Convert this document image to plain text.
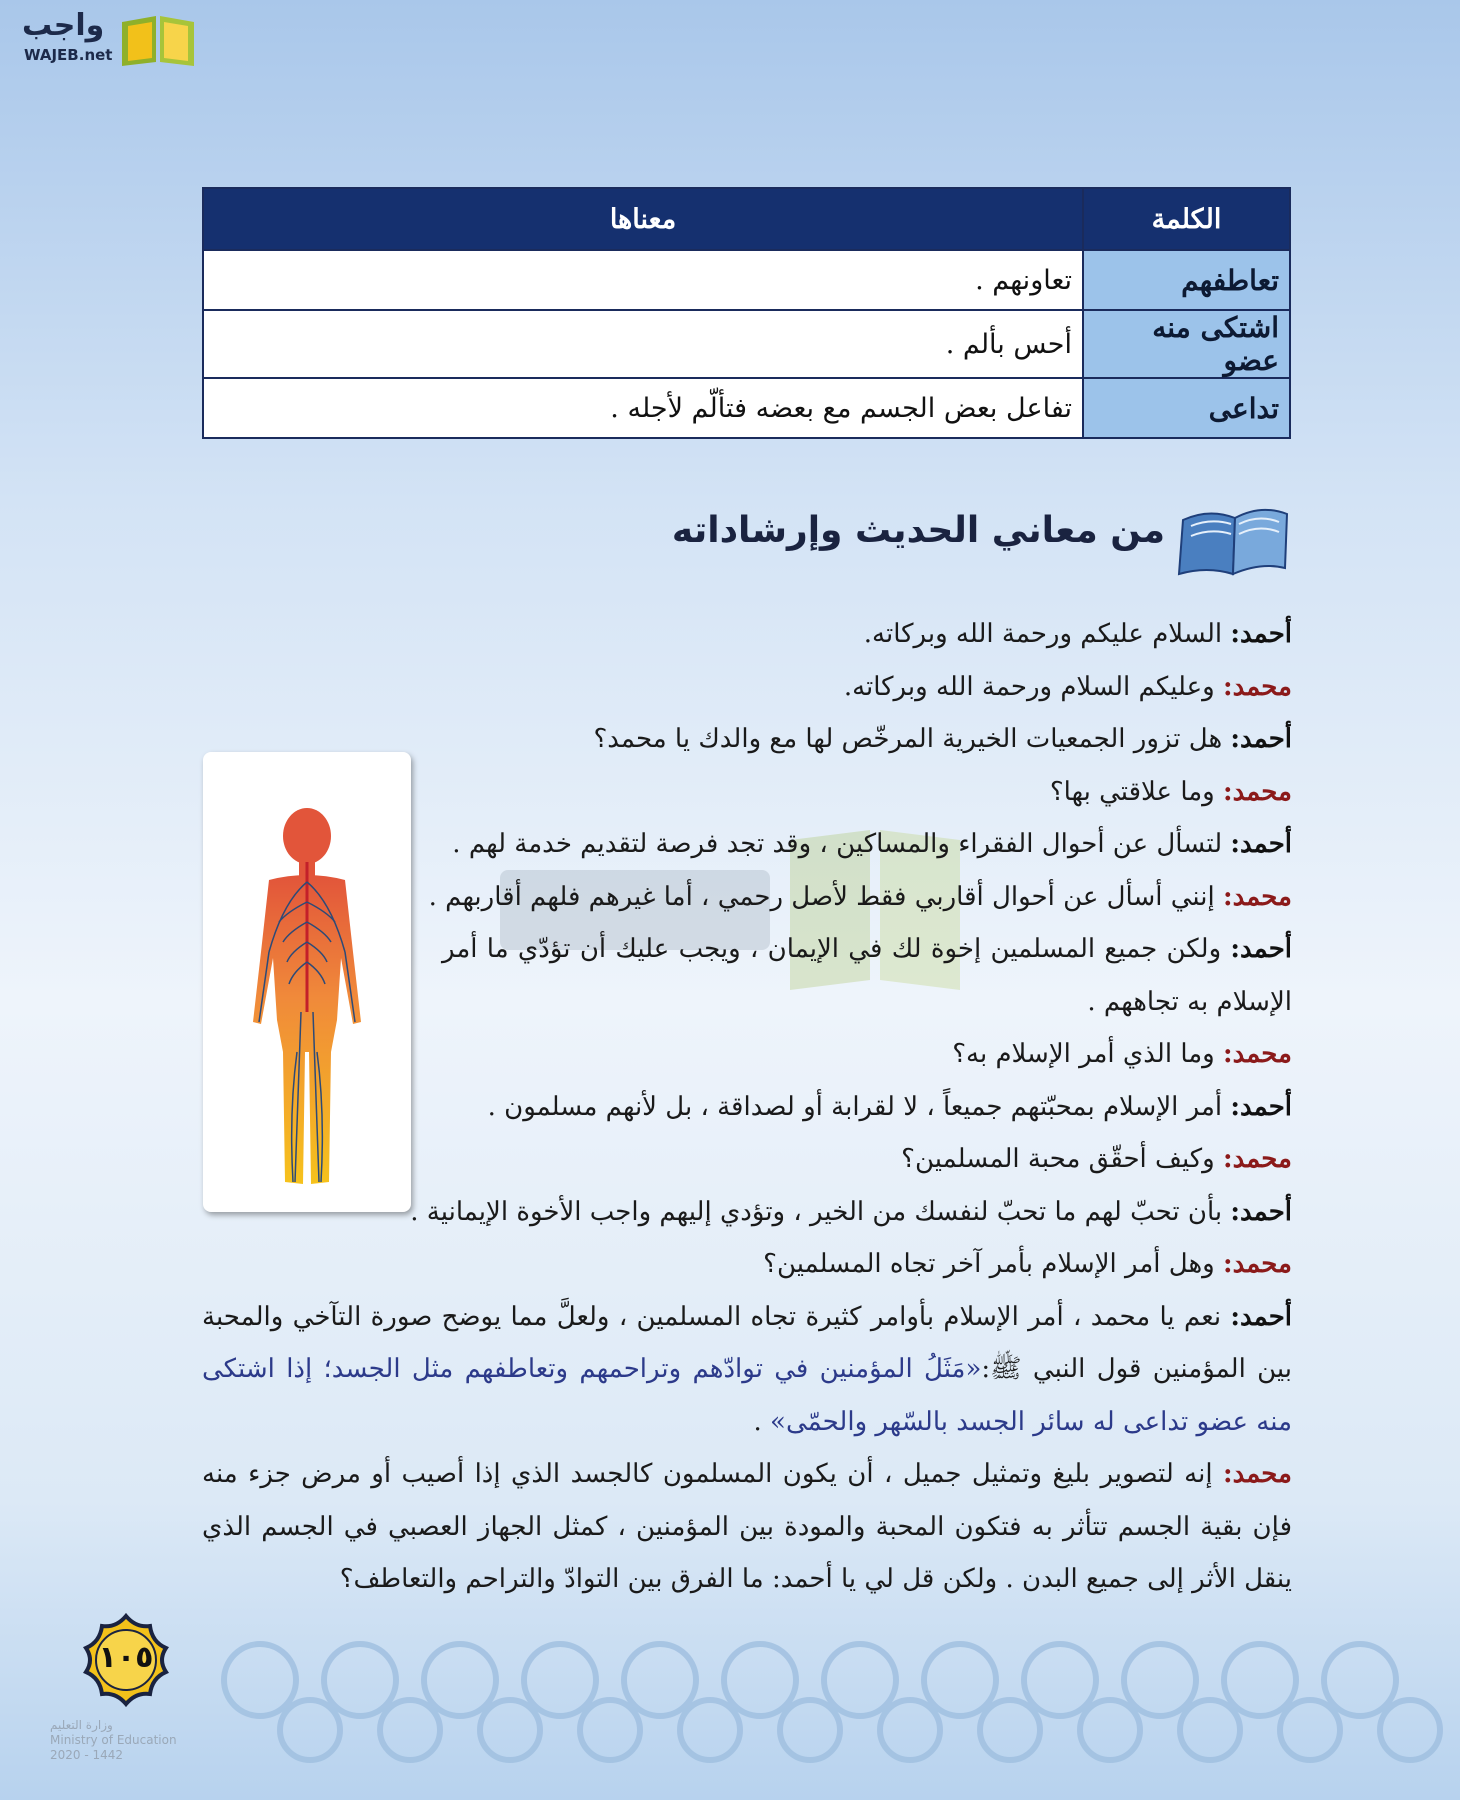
واجب
WAJEB.net
الكلمة	معناها
تعاطفهم	تعاونهم .
اشتكى منه عضو	أحس بألم .
تداعى	تفاعل بعض الجسم مع بعضه فتألّم لأجله .
من معاني الحديث وإرشاداته
أحمد: السلام عليكم ورحمة الله وبركاته.
محمد: وعليكم السلام ورحمة الله وبركاته.
أحمد: هل تزور الجمعيات الخيرية المرخّص لها مع والدك يا محمد؟
محمد: وما علاقتي بها؟
أحمد: لتسأل عن أحوال الفقراء والمساكين ، وقد تجد فرصة لتقديم خدمة لهم .
محمد: إنني أسأل عن أحوال أقاربي فقط لأصل رحمي ، أما غيرهم فلهم أقاربهم .
أحمد: ولكن جميع المسلمين إخوة لك في الإيمان ، ويجب عليك أن تؤدّي ما أمر الإسلام به تجاههم .
محمد: وما الذي أمر الإسلام به؟
أحمد: أمر الإسلام بمحبّتهم جميعاً ، لا لقرابة أو لصداقة ، بل لأنهم مسلمون .
محمد: وكيف أحقّق محبة المسلمين؟
أحمد: بأن تحبّ لهم ما تحبّ لنفسك من الخير ، وتؤدي إليهم واجب الأخوة الإيمانية .
محمد: وهل أمر الإسلام بأمر آخر تجاه المسلمين؟
أحمد: نعم يا محمد ، أمر الإسلام بأوامر كثيرة تجاه المسلمين ، ولعلَّ مما يوضح صورة التآخي والمحبة بين المؤمنين قول النبي ﷺ:«مَثَلُ المؤمنين في توادّهم وتراحمهم وتعاطفهم مثل الجسد؛ إذا اشتكى منه عضو تداعى له سائر الجسد بالسّهر والحمّى» .
محمد: إنه لتصوير بليغ وتمثيل جميل ، أن يكون المسلمون كالجسد الذي إذا أصيب أو مرض جزء منه فإن بقية الجسم تتأثر به فتكون المحبة والمودة بين المؤمنين ، كمثل الجهاز العصبي في الجسم الذي ينقل الأثر إلى جميع البدن . ولكن قل لي يا أحمد: ما الفرق بين التوادّ والتراحم والتعاطف؟
١٠٥
وزارة التعليم
Ministry of Education
2020 - 1442
